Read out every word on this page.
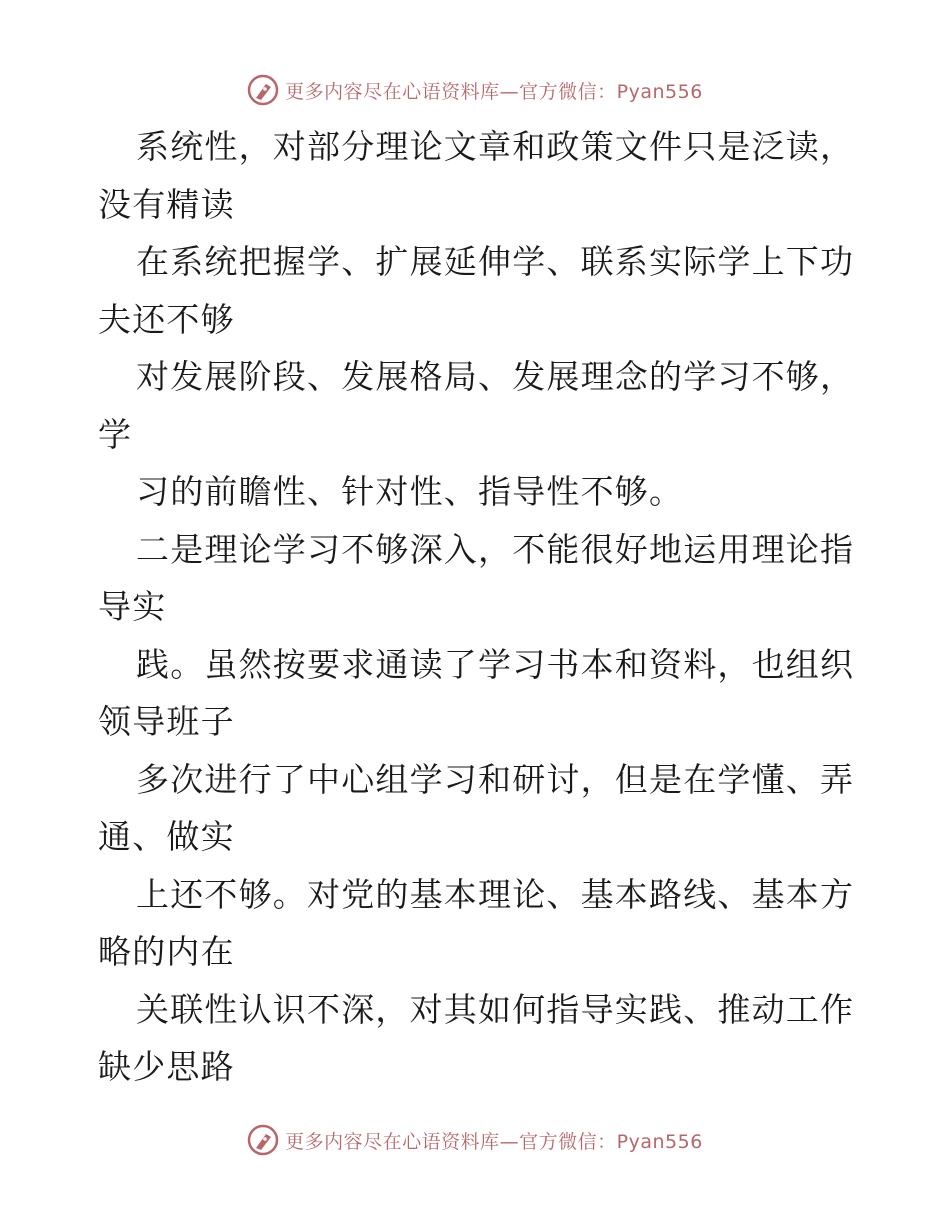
更多内容尽在心语资料库—官方微信：Pyan556
系统性，对部分理论文章和政策文件只是泛读，
没有精读
在系统把握学、扩展延伸学、联系实际学上下功
夫还不够
对发展阶段、发展格局、发展理念的学习不够，
学
习的前瞻性、针对性、指导性不够。
二是理论学习不够深入，不能很好地运用理论指
导实
践。虽然按要求通读了学习书本和资料，也组织
领导班子
多次进行了中心组学习和研讨，但是在学懂、弄
通、做实
上还不够。对党的基本理论、基本路线、基本方
略的内在
关联性认识不深，对其如何指导实践、推动工作
缺少思路
更多内容尽在心语资料库—官方微信：Pyan556
